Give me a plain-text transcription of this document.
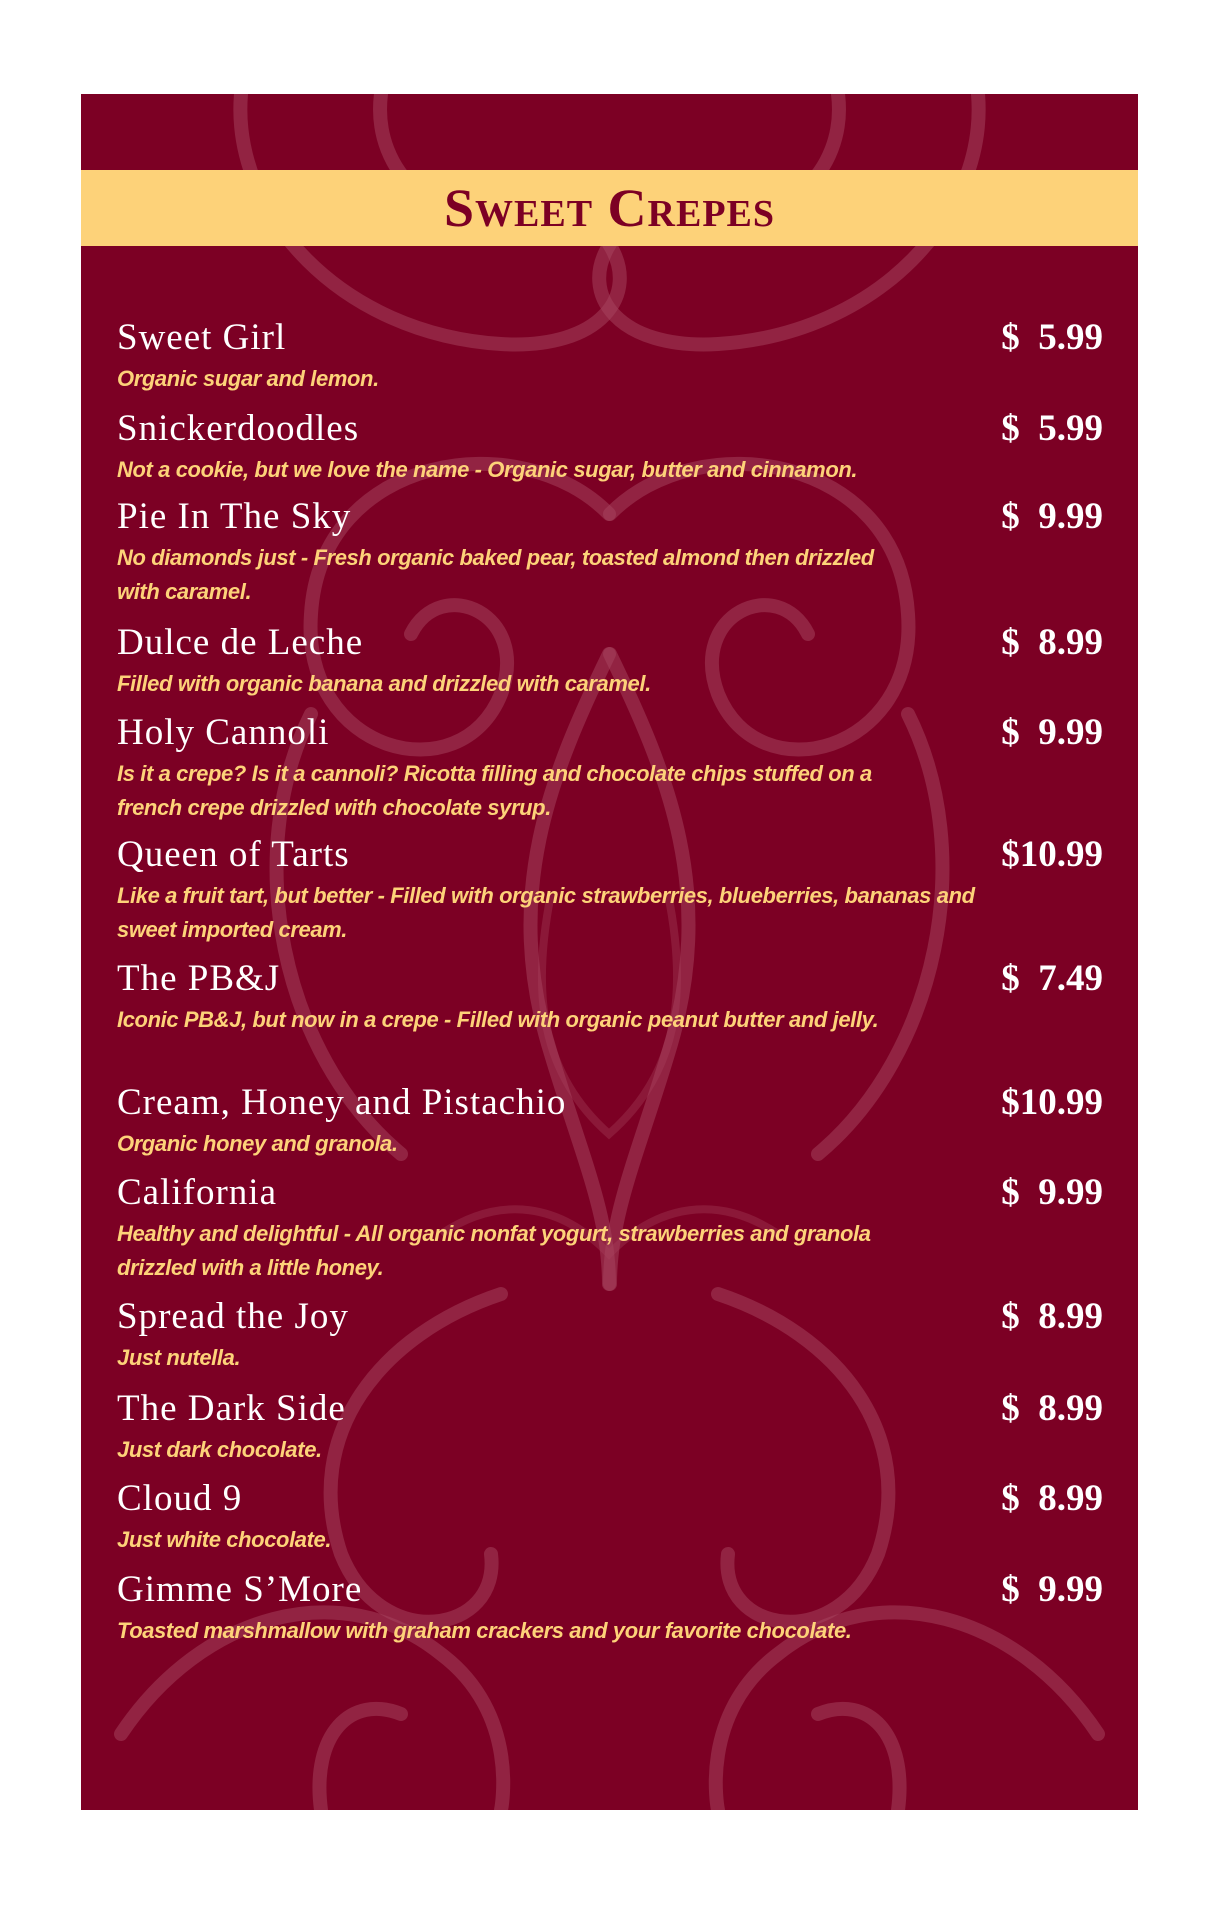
Sweet Crepes
Sweet Girl	$  5.99
Organic sugar and lemon.
Snickerdoodles	$  5.99
Not a cookie, but we love the name - Organic sugar, butter and cinnamon.
Pie In The Sky	$  9.99
No diamonds just - Fresh organic baked pear, toasted almond then drizzled with caramel.
Dulce de Leche	$  8.99
Filled with organic banana and drizzled with caramel.
Holy Cannoli	$  9.99
Is it a crepe? Is it a cannoli? Ricotta filling and chocolate chips stuffed on a french crepe drizzled with chocolate syrup.
Queen of Tarts	$10.99
Like a fruit tart, but better - Filled with organic strawberries, blueberries, bananas and sweet imported cream.
The PB&J	$  7.49
Iconic PB&J, but now in a crepe - Filled with organic peanut butter and jelly.
Cream, Honey and Pistachio	$10.99
Organic honey and granola.
California	$  9.99
Healthy and delightful - All organic nonfat yogurt, strawberries and granola drizzled with a little honey.
Spread the Joy	$  8.99
Just nutella.
The Dark Side	$  8.99
Just dark chocolate.
Cloud 9	$  8.99
Just white chocolate.
Gimme S’More	$  9.99
Toasted marshmallow with graham crackers and your favorite chocolate.
